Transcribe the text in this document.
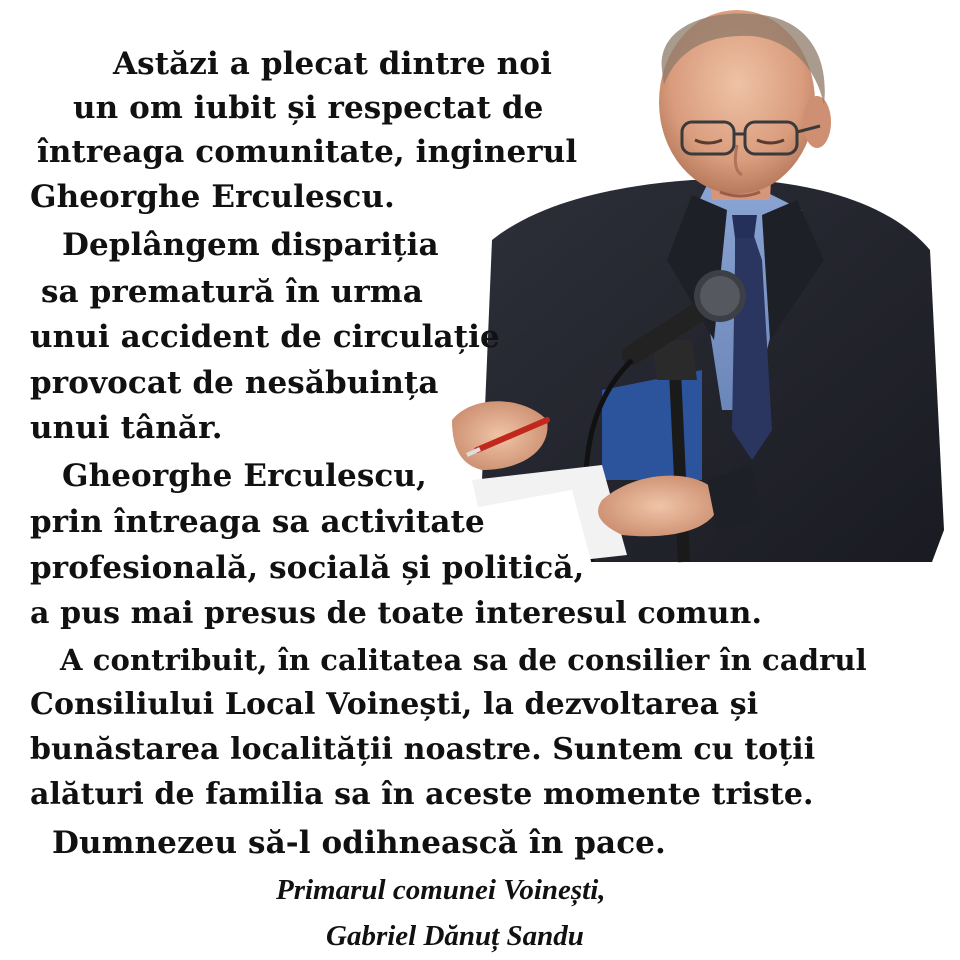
Astăzi a plecat dintre noi
un om iubit și respectat de
întreaga comunitate, inginerul
Gheorghe Erculescu.
Deplângem dispariția
sa prematură în urma
unui accident de circulație
provocat de nesăbuința
unui tânăr.
Gheorghe Erculescu,
prin întreaga sa activitate
profesională, socială și politică,
a pus mai presus de toate interesul comun.
A contribuit, în calitatea sa de consilier în cadrul
Consiliului Local Voinești, la dezvoltarea și
bunăstarea localității noastre. Suntem cu toții
alături de familia sa în aceste momente triste.
Dumnezeu să-l odihnească în pace.
Primarul comunei Voinești,
Gabriel Dănuț Sandu
